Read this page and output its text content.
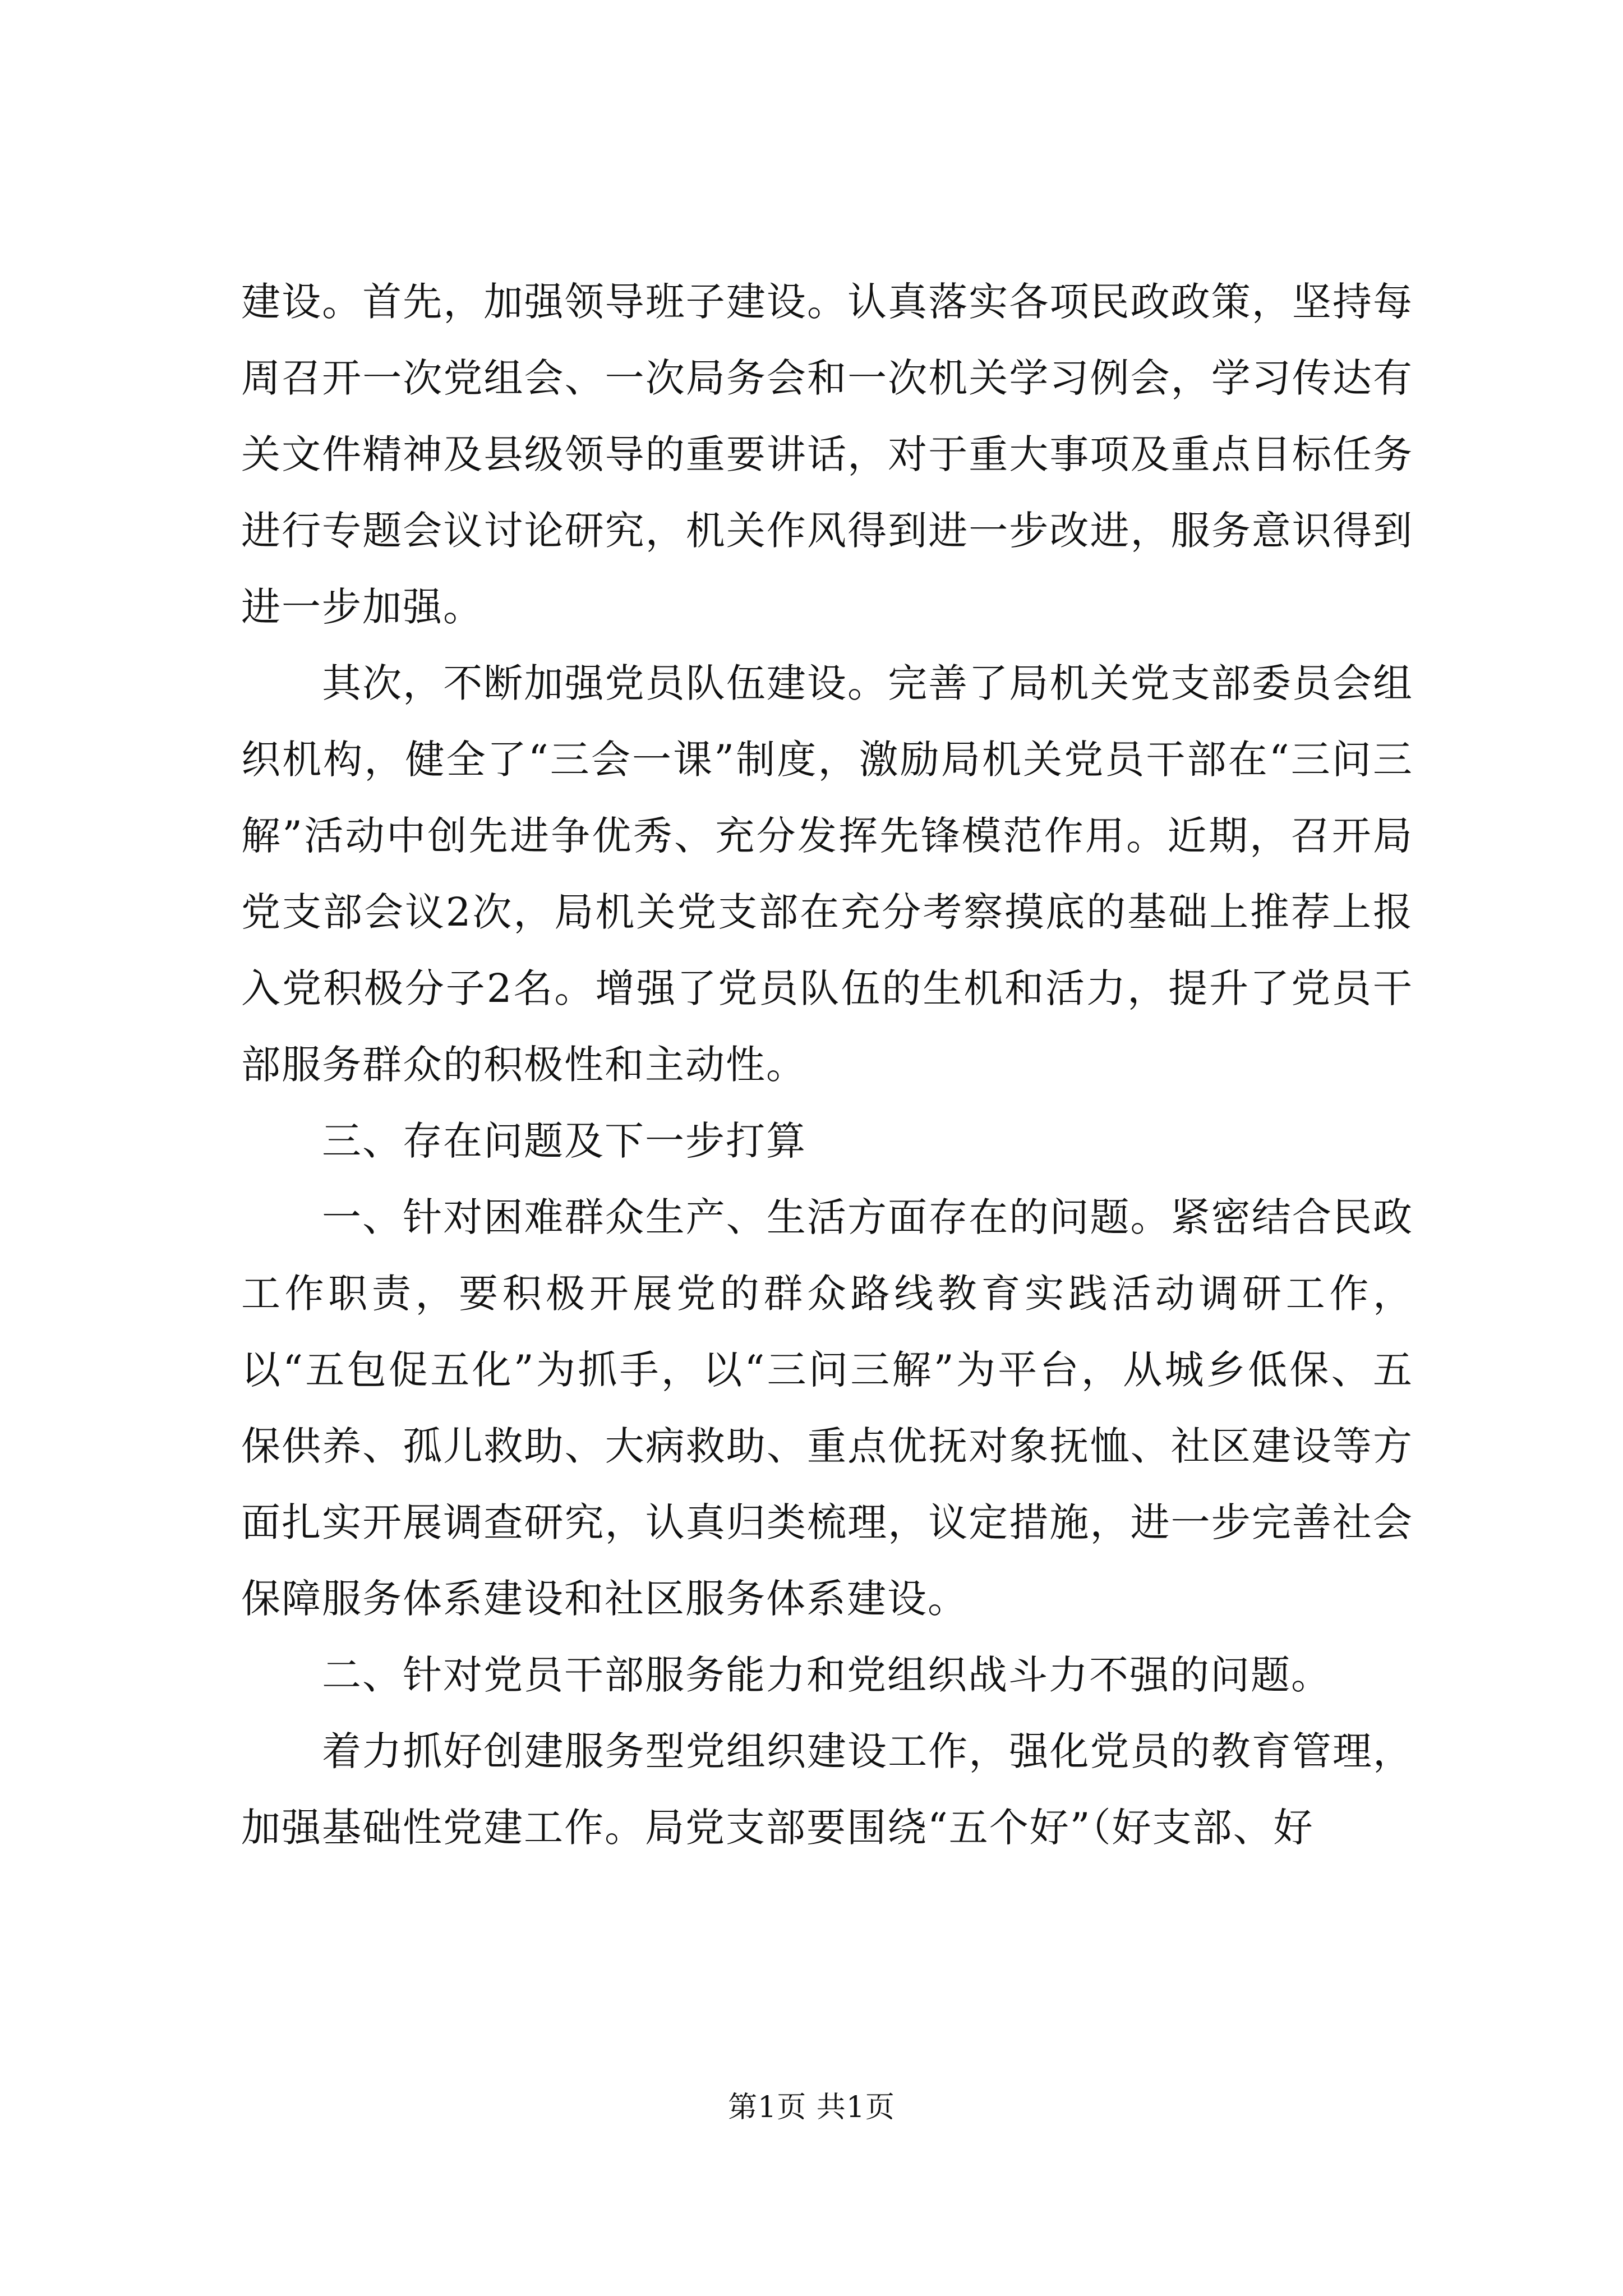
建设。首先，加强领导班子建设。认真落实各项民政政策，坚持每周召开一次党组会、一次局务会和一次机关学习例会，学习传达有关文件精神及县级领导的重要讲话，对于重大事项及重点目标任务进行专题会议讨论研究，机关作风得到进一步改进，服务意识得到进一步加强。

其次，不断加强党员队伍建设。完善了局机关党支部委员会组织机构，健全了“三会一课”制度，激励局机关党员干部在“三问三解”活动中创先进争优秀、充分发挥先锋模范作用。近期，召开局党支部会议2次，局机关党支部在充分考察摸底的基础上推荐上报入党积极分子2名。增强了党员队伍的生机和活力，提升了党员干部服务群众的积极性和主动性。

三、存在问题及下一步打算

一、针对困难群众生产、生活方面存在的问题。紧密结合民政工作职责，要积极开展党的群众路线教育实践活动调研工作，以“五包促五化”为抓手，以“三问三解”为平台，从城乡低保、五保供养、孤儿救助、大病救助、重点优抚对象抚恤、社区建设等方面扎实开展调查研究，认真归类梳理，议定措施，进一步完善社会保障服务体系建设和社区服务体系建设。

二、针对党员干部服务能力和党组织战斗力不强的问题。

着力抓好创建服务型党组织建设工作，强化党员的教育管理，加强基础性党建工作。局党支部要围绕“五个好”（好支部、好

第1页 共1页
